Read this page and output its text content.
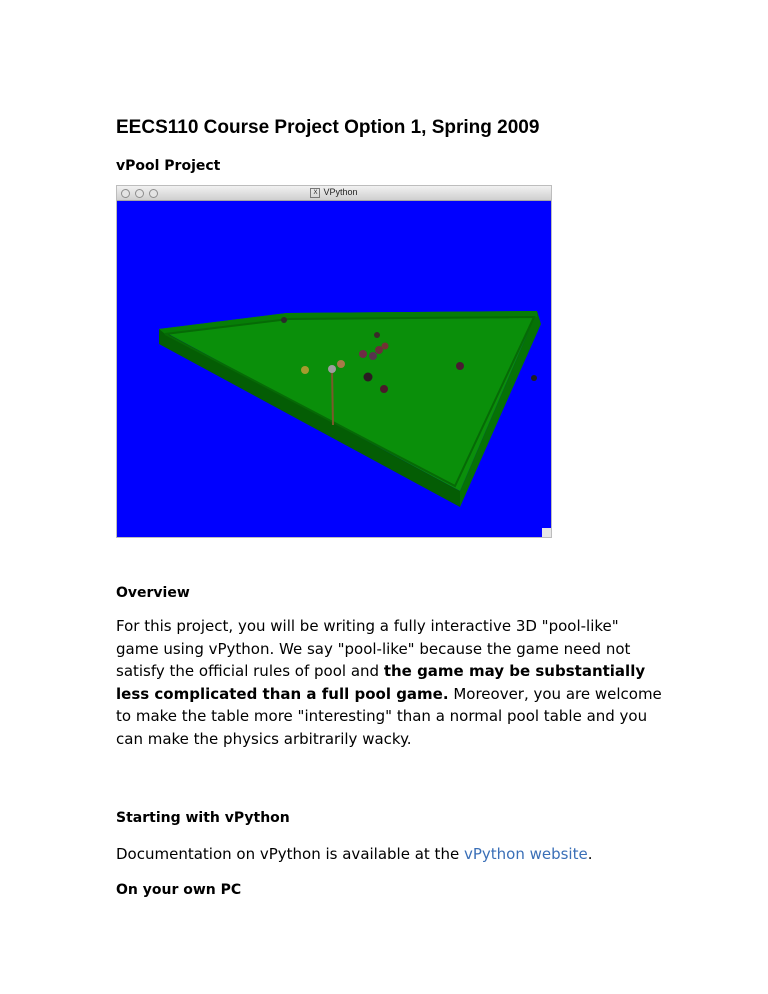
EECS110 Course Project Option 1, Spring 2009
vPool Project
X VPython
Overview

For this project, you will be writing a fully interactive 3D "pool-like" game using vPython. We say "pool-like" because the game need not satisfy the official rules of pool and the game may be substantially less complicated than a full pool game. Moreover, you are welcome to make the table more "interesting" than a normal pool table and you can make the physics arbitrarily wacky.

Starting with vPython

Documentation on vPython is available at the vPython website.

On your own PC
